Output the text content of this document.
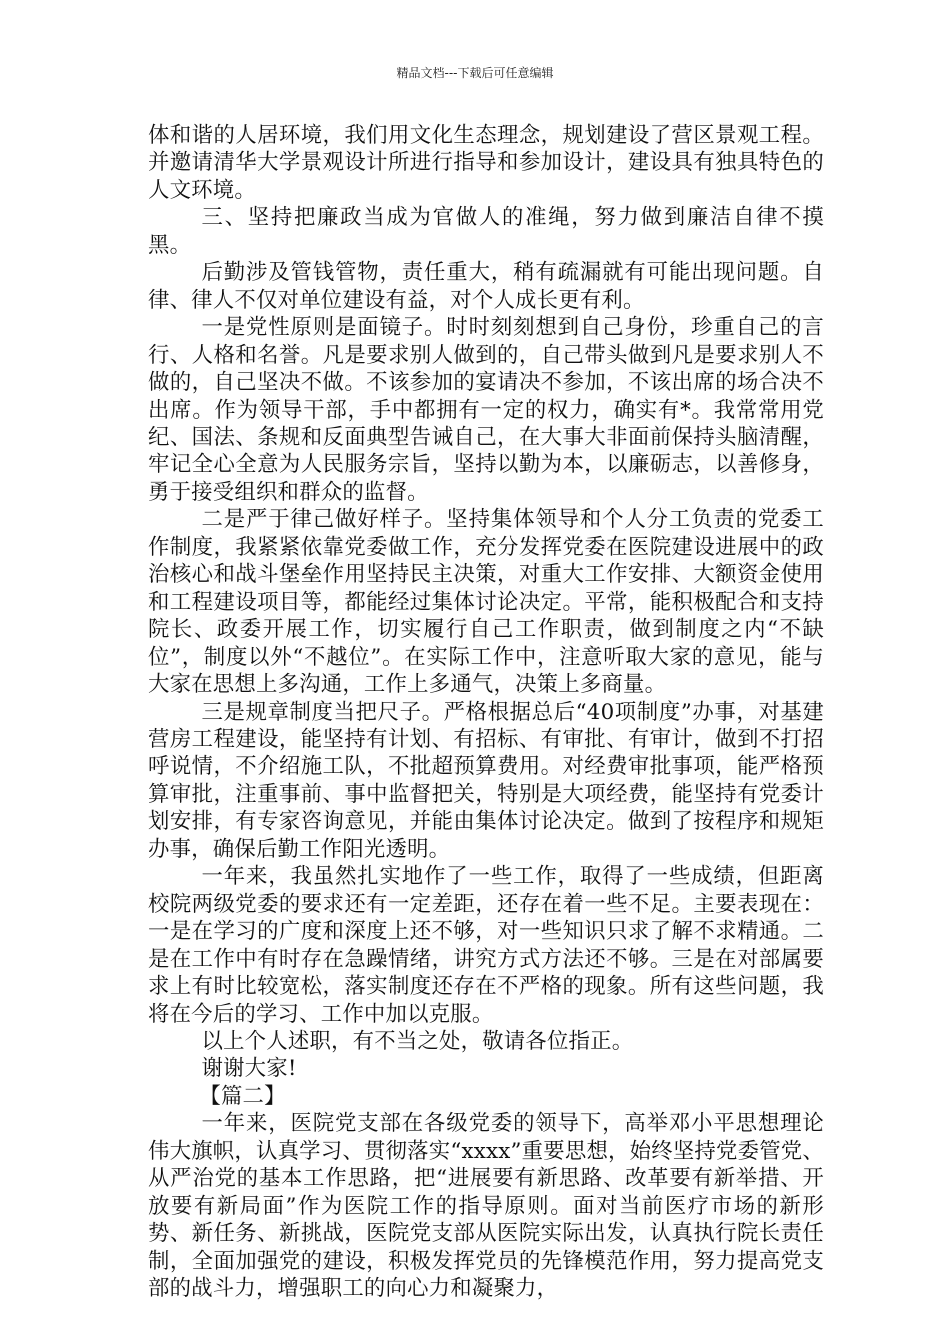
精品文档---下载后可任意编辑

体和谐的人居环境，我们用文化生态理念，规划建设了营区景观工程。并邀请清华大学景观设计所进行指导和参加设计，建设具有独具特色的人文环境。

三、坚持把廉政当成为官做人的准绳，努力做到廉洁自律不摸黑。

后勤涉及管钱管物，责任重大，稍有疏漏就有可能出现问题。自律、律人不仅对单位建设有益，对个人成长更有利。

一是党性原则是面镜子。时时刻刻想到自己身份，珍重自己的言行、人格和名誉。凡是要求别人做到的，自己带头做到凡是要求别人不做的，自己坚决不做。不该参加的宴请决不参加，不该出席的场合决不出席。作为领导干部，手中都拥有一定的权力，确实有*。我常常用党纪、国法、条规和反面典型告诫自己，在大事大非面前保持头脑清醒，牢记全心全意为人民服务宗旨，坚持以勤为本，以廉砺志，以善修身，勇于接受组织和群众的监督。

二是严于律己做好样子。坚持集体领导和个人分工负责的党委工作制度，我紧紧依靠党委做工作，充分发挥党委在医院建设进展中的政治核心和战斗堡垒作用坚持民主决策，对重大工作安排、大额资金使用和工程建设项目等，都能经过集体讨论决定。平常，能积极配合和支持院长、政委开展工作，切实履行自己工作职责，做到制度之内“不缺位”，制度以外“不越位”。在实际工作中，注意听取大家的意见，能与大家在思想上多沟通，工作上多通气，决策上多商量。

三是规章制度当把尺子。严格根据总后“40项制度”办事，对基建营房工程建设，能坚持有计划、有招标、有审批、有审计，做到不打招呼说情，不介绍施工队，不批超预算费用。对经费审批事项，能严格预算审批，注重事前、事中监督把关，特别是大项经费，能坚持有党委计划安排，有专家咨询意见，并能由集体讨论决定。做到了按程序和规矩办事，确保后勤工作阳光透明。

一年来，我虽然扎实地作了一些工作，取得了一些成绩，但距离校院两级党委的要求还有一定差距，还存在着一些不足。主要表现在：一是在学习的广度和深度上还不够，对一些知识只求了解不求精通。二是在工作中有时存在急躁情绪，讲究方式方法还不够。三是在对部属要求上有时比较宽松，落实制度还存在不严格的现象。所有这些问题，我将在今后的学习、工作中加以克服。

以上个人述职，有不当之处，敬请各位指正。

谢谢大家!

【篇二】

一年来，医院党支部在各级党委的领导下，高举邓小平思想理论伟大旗帜，认真学习、贯彻落实“xxxx”重要思想，始终坚持党委管党、从严治党的基本工作思路，把“进展要有新思路、改革要有新举措、开放要有新局面”作为医院工作的指导原则。面对当前医疗市场的新形势、新任务、新挑战，医院党支部从医院实际出发，认真执行院长责任制，全面加强党的建设，积极发挥党员的先锋模范作用，努力提高党支部的战斗力，增强职工的向心力和凝聚力，
